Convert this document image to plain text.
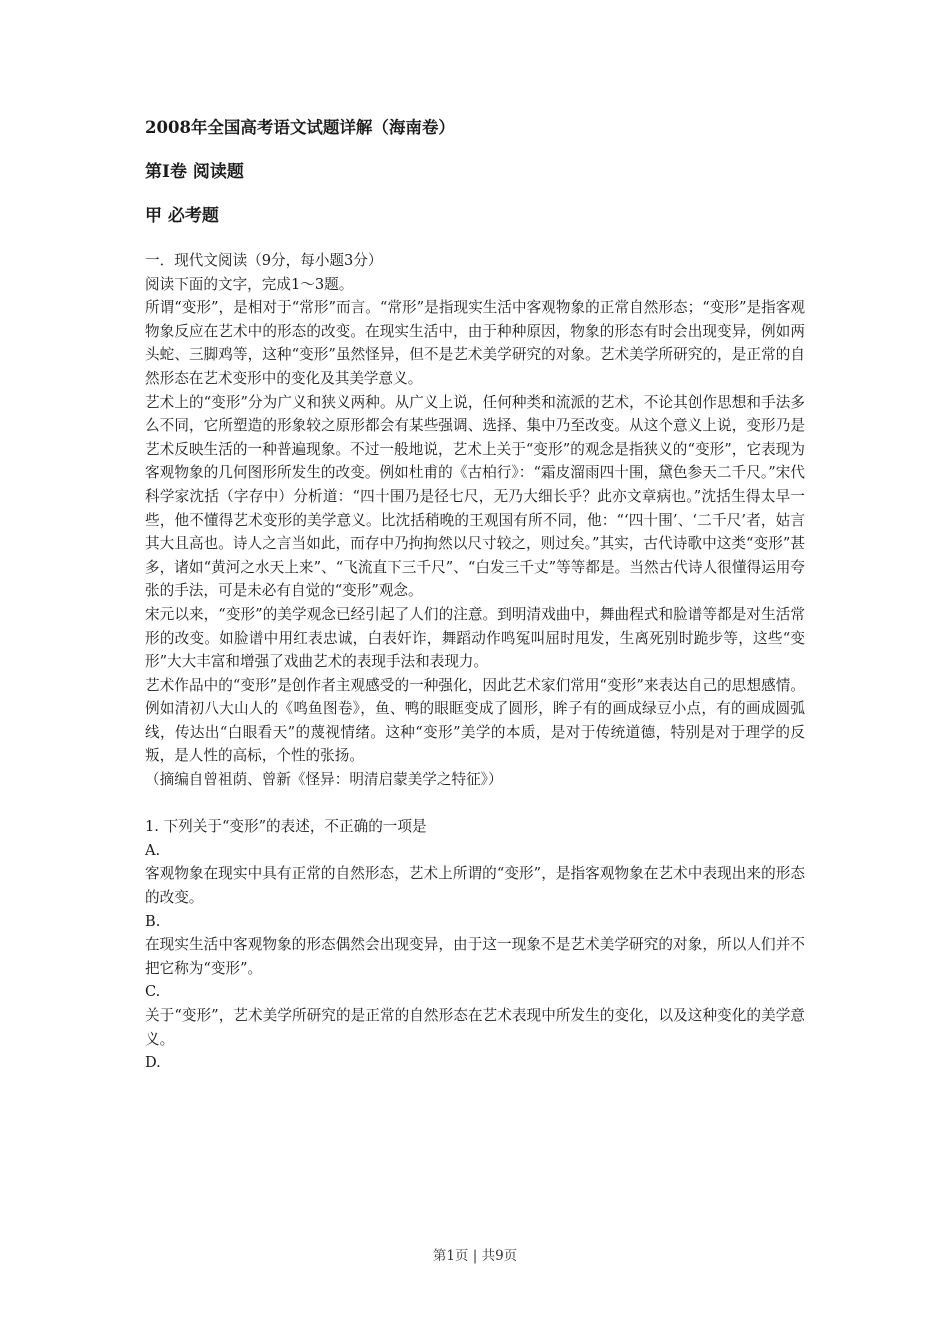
2008年全国高考语文试题详解（海南卷）
第Ⅰ卷 阅读题
甲 必考题

一．现代文阅读（9分，每小题3分）

阅读下面的文字，完成1～3题。

所谓“变形”，是相对于“常形”而言。“常形”是指现实生活中客观物象的正常自然形态；“变形”是指客观物象反应在艺术中的形态的改变。在现实生活中，由于种种原因，物象的形态有时会出现变异，例如两头蛇、三脚鸡等，这种“变形”虽然怪异，但不是艺术美学研究的对象。艺术美学所研究的，是正常的自然形态在艺术变形中的变化及其美学意义。

艺术上的“变形”分为广义和狭义两种。从广义上说，任何种类和流派的艺术，不论其创作思想和手法多么不同，它所塑造的形象较之原形都会有某些强调、选择、集中乃至改变。从这个意义上说，变形乃是艺术反映生活的一种普遍现象。不过一般地说，艺术上关于“变形”的观念是指狭义的“变形”，它表现为客观物象的几何图形所发生的改变。例如杜甫的《古柏行》：“霜皮溜雨四十围，黛色参天二千尺。”宋代科学家沈括（字存中）分析道：“四十围乃是径七尺，无乃大细长乎？此亦文章病也。”沈括生得太早一些，他不懂得艺术变形的美学意义。比沈括稍晚的王观国有所不同，他：“‘四十围’、‘二千尺’者，姑言其大且高也。诗人之言当如此，而存中乃拘拘然以尺寸较之，则过矣。”其实，古代诗歌中这类“变形”甚多，诸如“黄河之水天上来”、“飞流直下三千尺”、“白发三千丈”等等都是。当然古代诗人很懂得运用夸张的手法，可是未必有自觉的“变形”观念。

宋元以来，“变形”的美学观念已经引起了人们的注意。到明清戏曲中，舞曲程式和脸谱等都是对生活常形的改变。如脸谱中用红表忠诚，白表奸诈，舞蹈动作鸣冤叫屈时甩发，生离死别时跪步等，这些“变形”大大丰富和增强了戏曲艺术的表现手法和表现力。

艺术作品中的“变形”是创作者主观感受的一种强化，因此艺术家们常用“变形”来表达自己的思想感情。例如清初八大山人的《鸣鱼图卷》，鱼、鸭的眼眶变成了圆形，眸子有的画成绿豆小点，有的画成圆弧线，传达出“白眼看天”的蔑视情绪。这种“变形”美学的本质，是对于传统道德，特别是对于理学的反叛，是人性的高标，个性的张扬。

（摘编自曾祖荫、曾新《怪异：明清启蒙美学之特征》）

1. 下列关于“变形”的表述，不正确的一项是

A.

客观物象在现实中具有正常的自然形态，艺术上所谓的“变形”，是指客观物象在艺术中表现出来的形态的改变。

B.

在现实生活中客观物象的形态偶然会出现变异，由于这一现象不是艺术美学研究的对象，所以人们并不把它称为“变形”。

C.

关于“变形”，艺术美学所研究的是正常的自然形态在艺术表现中所发生的变化，以及这种变化的美学意义。

D.

第1页 | 共9页
